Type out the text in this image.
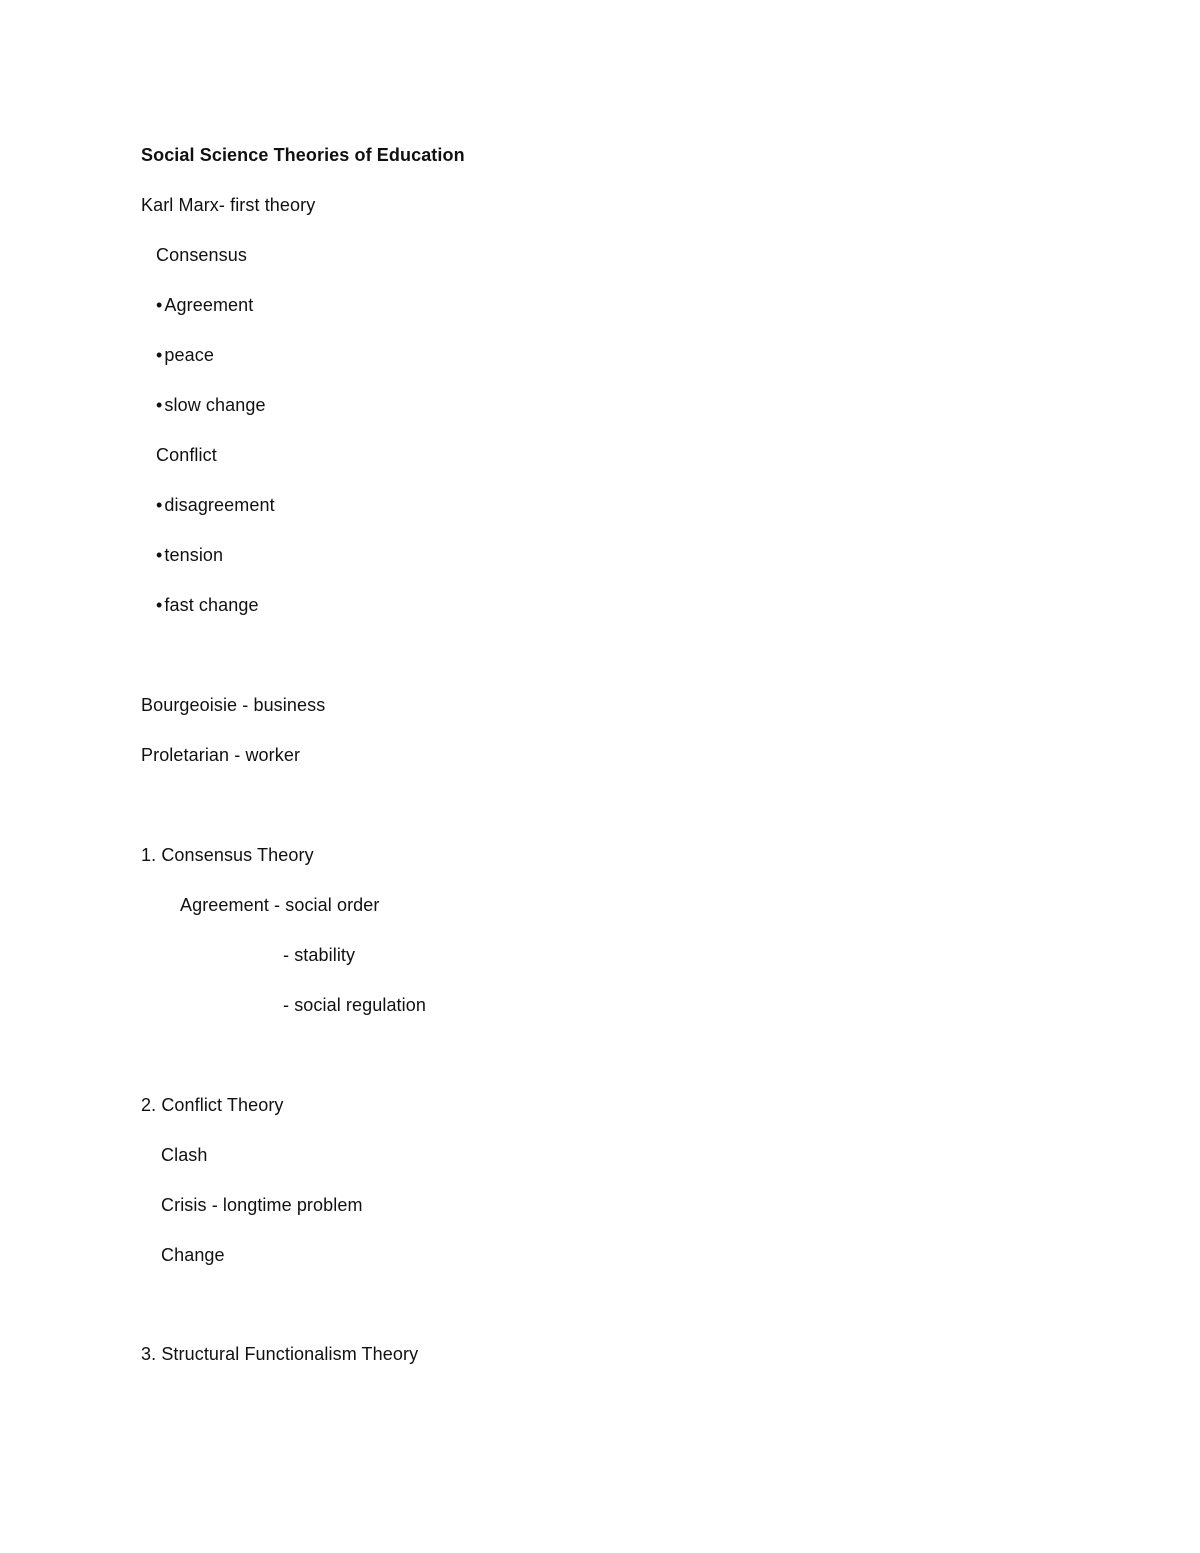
Social Science Theories of Education
Karl Marx- first theory
Consensus
• Agreement
• peace
• slow change
Conflict
• disagreement
• tension
• fast change
Bourgeoisie - business
Proletarian - worker
1. Consensus Theory
Agreement - social order
- stability
- social regulation
2. Conflict Theory
Clash
Crisis - longtime problem
Change
3. Structural Functionalism Theory
